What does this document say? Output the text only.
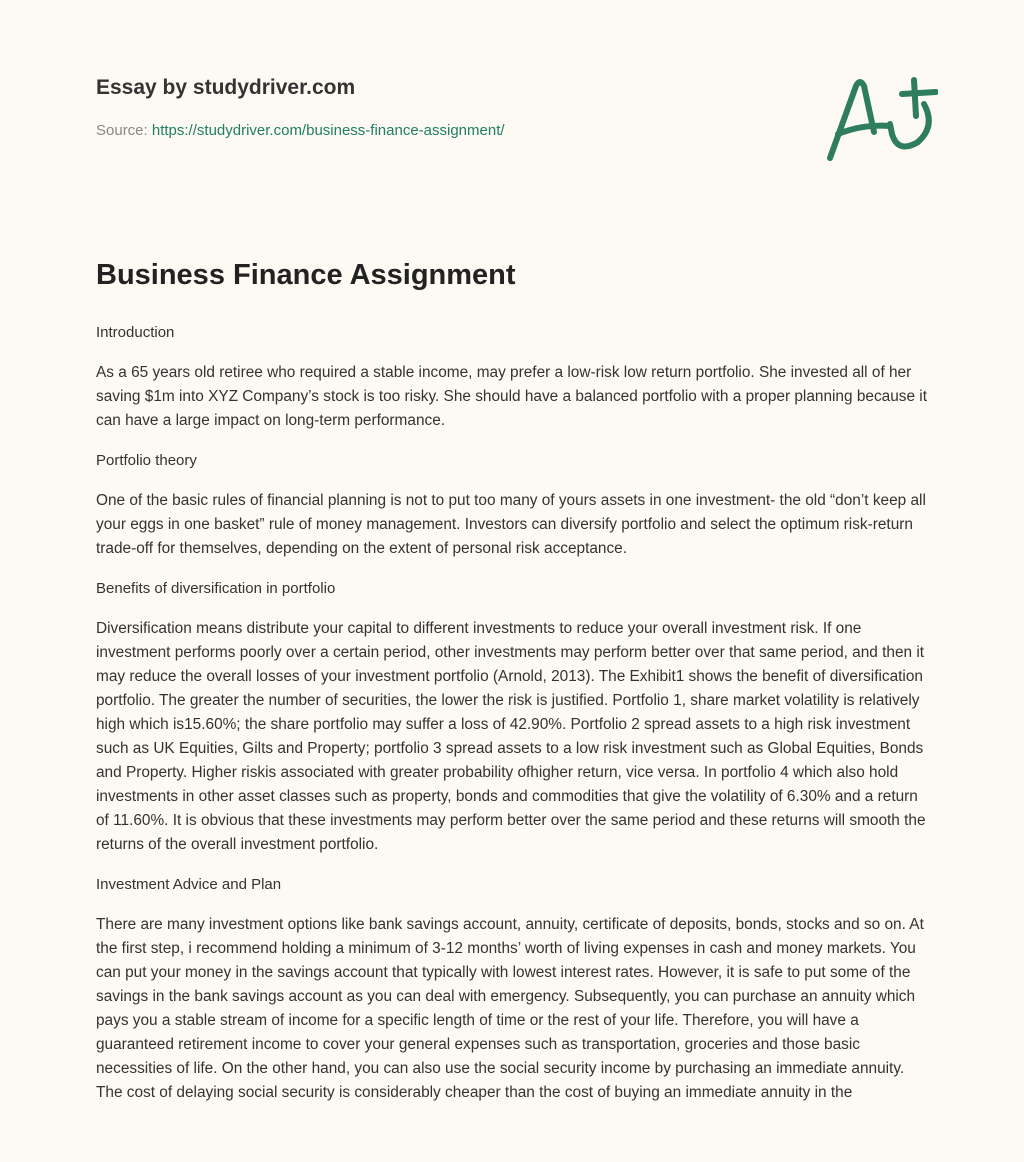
Essay by studydriver.com
Source: https://studydriver.com/business-finance-assignment/
Business Finance Assignment
Introduction

As a 65 years old retiree who required a stable income, may prefer a low-risk low return portfolio. She invested all of her saving $1m into XYZ Company’s stock is too risky. She should have a balanced portfolio with a proper planning because it can have a large impact on long-term performance.

Portfolio theory

One of the basic rules of financial planning is not to put too many of yours assets in one investment- the old “don’t keep all your eggs in one basket” rule of money management. Investors can diversify portfolio and select the optimum risk-return trade-off for themselves, depending on the extent of personal risk acceptance.

Benefits of diversification in portfolio

Diversification means distribute your capital to different investments to reduce your overall investment risk. If one investment performs poorly over a certain period, other investments may perform better over that same period, and then it may reduce the overall losses of your investment portfolio (Arnold, 2013). The Exhibit1 shows the benefit of diversification portfolio. The greater the number of securities, the lower the risk is justified. Portfolio 1, share market volatility is relatively high which is15.60%; the share portfolio may suffer a loss of 42.90%. Portfolio 2 spread assets to a high risk investment such as UK Equities, Gilts and Property; portfolio 3 spread assets to a low risk investment such as Global Equities, Bonds and Property. Higher riskis associated with greater probability ofhigher return, vice versa. In portfolio 4 which also hold investments in other asset classes such as property, bonds and commodities that give the volatility of 6.30% and a return of 11.60%. It is obvious that these investments may perform better over the same period and these returns will smooth the returns of the overall investment portfolio.

Investment Advice and Plan

There are many investment options like bank savings account, annuity, certificate of deposits, bonds, stocks and so on. At the first step, i recommend holding a minimum of 3-12 months’ worth of living expenses in cash and money markets. You can put your money in the savings account that typically with lowest interest rates. However, it is safe to put some of the savings in the bank savings account as you can deal with emergency. Subsequently, you can purchase an annuity which pays you a stable stream of income for a specific length of time or the rest of your life. Therefore, you will have a guaranteed retirement income to cover your general expenses such as transportation, groceries and those basic necessities of life. On the other hand, you can also use the social security income by purchasing an immediate annuity. The cost of delaying social security is considerably cheaper than the cost of buying an immediate annuity in the
